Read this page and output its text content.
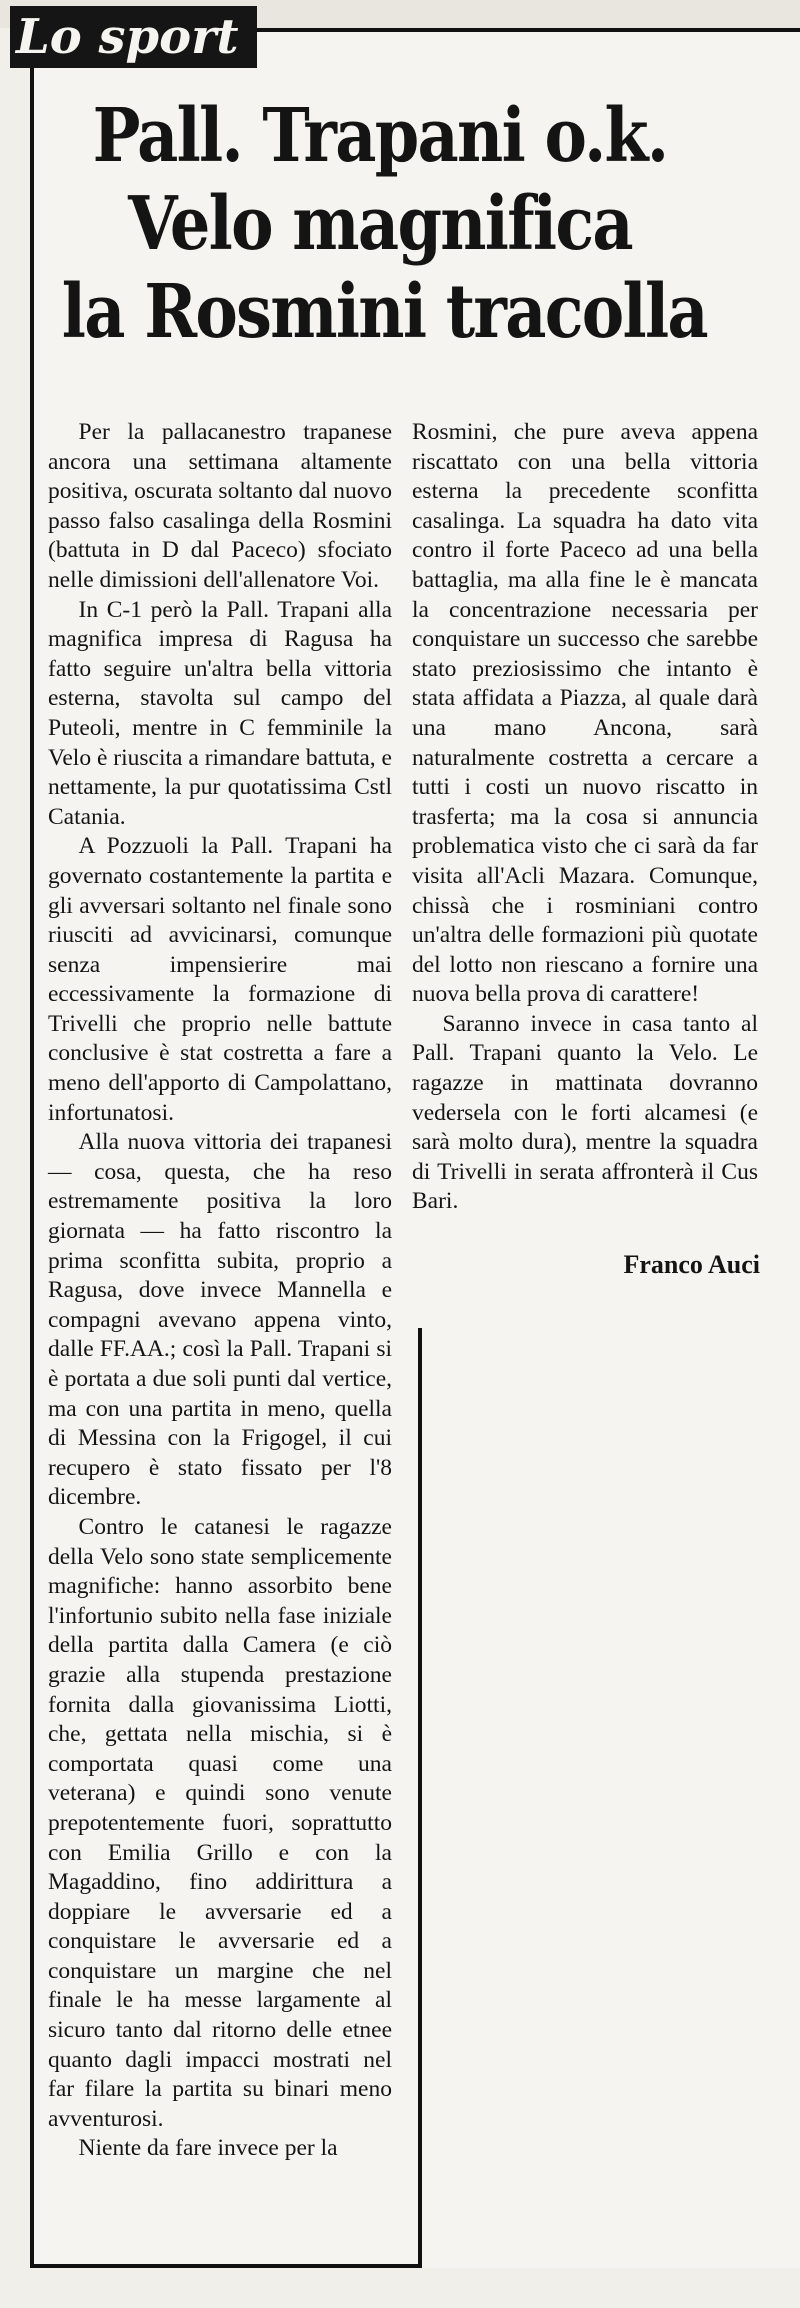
Lo sport
Pall. Trapani o.k.
Velo magnifica
la Rosmini tracolla

Per la pallacanestro trapanese ancora una settimana altamente positiva, oscurata soltanto dal nuovo passo falso casalinga della Rosmini (battuta in D dal Paceco) sfociato nelle dimissioni dell'allenatore Voi.

In C-1 però la Pall. Trapani alla magnifica impresa di Ragusa ha fatto seguire un'altra bella vittoria esterna, stavolta sul campo del Puteoli, mentre in C femminile la Velo è riuscita a rimandare battuta, e nettamente, la pur quotatissima Cstl Catania.

A Pozzuoli la Pall. Trapani ha governato costantemente la partita e gli avversari soltanto nel finale sono riusciti ad avvicinarsi, comunque senza impensierire mai eccessivamente la formazione di Trivelli che proprio nelle battute conclusive è stat costretta a fare a meno dell'apporto di Campolattano, infortunatosi.

Alla nuova vittoria dei trapanesi — cosa, questa, che ha reso estremamente positiva la loro giornata — ha fatto riscontro la prima sconfitta subita, proprio a Ragusa, dove invece Mannella e compagni avevano appena vinto, dalle FF.AA.; così la Pall. Trapani si è portata a due soli punti dal vertice, ma con una partita in meno, quella di Messina con la Frigogel, il cui recupero è stato fissato per l'8 dicembre.

Contro le catanesi le ragazze della Velo sono state semplicemente magnifiche: hanno assorbito bene l'infortunio subito nella fase iniziale della partita dalla Camera (e ciò grazie alla stupenda prestazione fornita dalla giovanissima Liotti, che, gettata nella mischia, si è comportata quasi come una veterana) e quindi sono venute prepotentemente fuori, soprattutto con Emilia Grillo e con la Magaddino, fino addirittura a doppiare le avversarie ed a conquistare le avversarie ed a conquistare un margine che nel finale le ha messe largamente al sicuro tanto dal ritorno delle etnee quanto dagli impacci mostrati nel far filare la partita su binari meno avventurosi.

Niente da fare invece per la

Rosmini, che pure aveva appena riscattato con una bella vittoria esterna la precedente sconfitta casalinga. La squadra ha dato vita contro il forte Paceco ad una bella battaglia, ma alla fine le è mancata la concentrazione necessaria per conquistare un successo che sarebbe stato preziosissimo che intanto è stata affidata a Piazza, al quale darà una mano Ancona, sarà naturalmente costretta a cercare a tutti i costi un nuovo riscatto in trasferta; ma la cosa si annuncia problematica visto che ci sarà da far visita all'Acli Mazara. Comunque, chissà che i rosminiani contro un'altra delle formazioni più quotate del lotto non riescano a fornire una nuova bella prova di carattere!

Saranno invece in casa tanto al Pall. Trapani quanto la Velo. Le ragazze in mattinata dovranno vedersela con le forti alcamesi (e sarà molto dura), mentre la squadra di Trivelli in serata affronterà il Cus Bari.

Franco Auci
